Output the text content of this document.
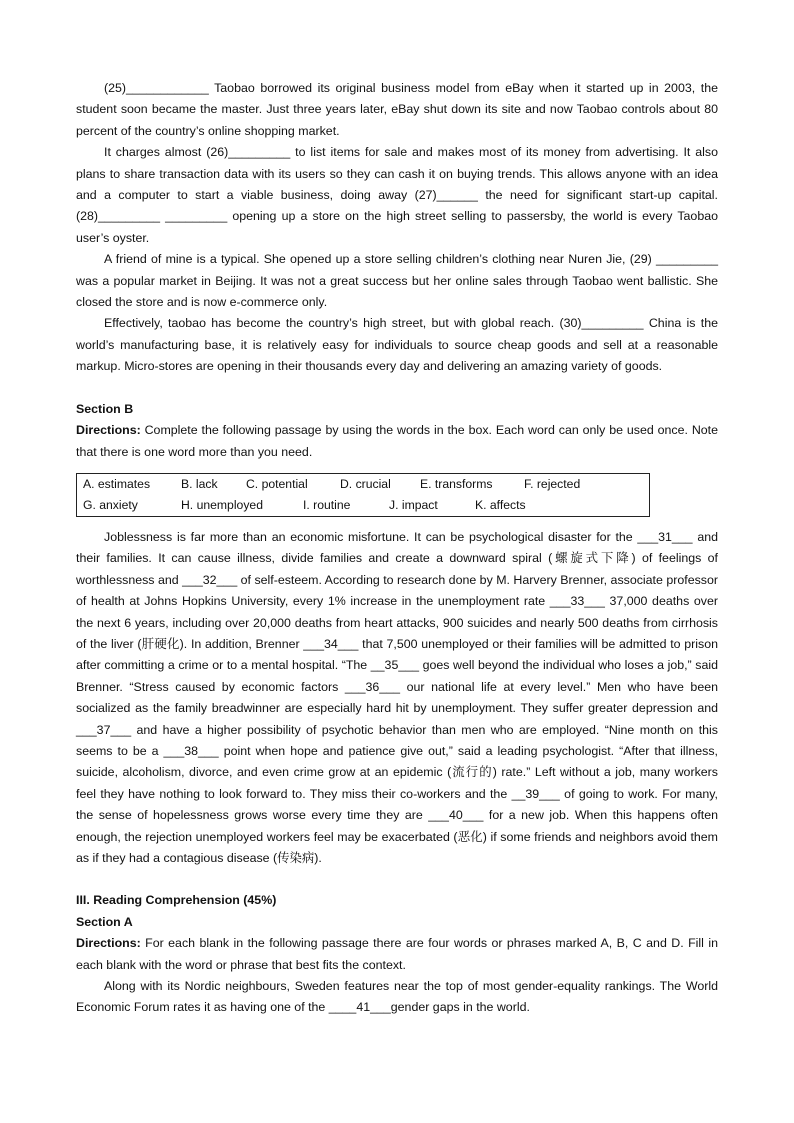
(25)____________ Taobao borrowed its original business model from eBay when it started up in 2003, the student soon became the master. Just three years later, eBay shut down its site and now Taobao controls about 80 percent of the country’s online shopping market.

It charges almost (26)_________ to list items for sale and makes most of its money from advertising. It also plans to share transaction data with its users so they can cash it on buying trends. This allows anyone with an idea and a computer to start a viable business, doing away (27)______ the need for significant start-up capital. (28)_________ _________ opening up a store on the high street selling to passersby, the world is every Taobao user’s oyster.

A friend of mine is a typical. She opened up a store selling children’s clothing near Nuren Jie, (29) _________ was a popular market in Beijing. It was not a great success but her online sales through Taobao went ballistic. She closed the store and is now e-commerce only.

Effectively, taobao has become the country’s high street, but with global reach. (30)_________ China is the world’s manufacturing base, it is relatively easy for individuals to source cheap goods and sell at a reasonable markup. Micro-stores are opening in their thousands every day and delivering an amazing variety of goods.

Section B

Directions: Complete the following passage by using the words in the box. Each word can only be used once. Note that there is one word more than you need.

A. estimates	B. lack	C. potential	D. crucial	E. transforms	F. rejected
G. anxiety	H. unemployed	I. routine	J. impact	K. affects

Joblessness is far more than an economic misfortune. It can be psychological disaster for the ___31___ and their families. It can cause illness, divide families and create a downward spiral (螺旋式下降) of feelings of worthlessness and ___32___ of self-esteem. According to research done by M. Harvery Brenner, associate professor of health at Johns Hopkins University, every 1% increase in the unemployment rate ___33___ 37,000 deaths over the next 6 years, including over 20,000 deaths from heart attacks, 900 suicides and nearly 500 deaths from cirrhosis of the liver (肝硬化). In addition, Brenner ___34___ that 7,500 unemployed or their families will be admitted to prison after committing a crime or to a mental hospital. “The __35___ goes well beyond the individual who loses a job,” said Brenner. “Stress caused by economic factors ___36___ our national life at every level.” Men who have been socialized as the family breadwinner are especially hard hit by unemployment. They suffer greater depression and ___37___ and have a higher possibility of psychotic behavior than men who are employed. “Nine month on this seems to be a ___38___ point when hope and patience give out,” said a leading psychologist. “After that illness, suicide, alcoholism, divorce, and even crime grow at an epidemic (流行的) rate.” Left without a job, many workers feel they have nothing to look forward to. They miss their co-workers and the __39___ of going to work. For many, the sense of hopelessness grows worse every time they are ___40___ for a new job. When this happens often enough, the rejection unemployed workers feel may be exacerbated (恶化) if some friends and neighbors avoid them as if they had a contagious disease (传染病).

III. Reading Comprehension (45%)

Section A

Directions: For each blank in the following passage there are four words or phrases marked A, B, C and D. Fill in each blank with the word or phrase that best fits the context.

Along with its Nordic neighbours, Sweden features near the top of most gender-equality rankings. The World Economic Forum rates it as having one of the ____41___gender gaps in the world.
